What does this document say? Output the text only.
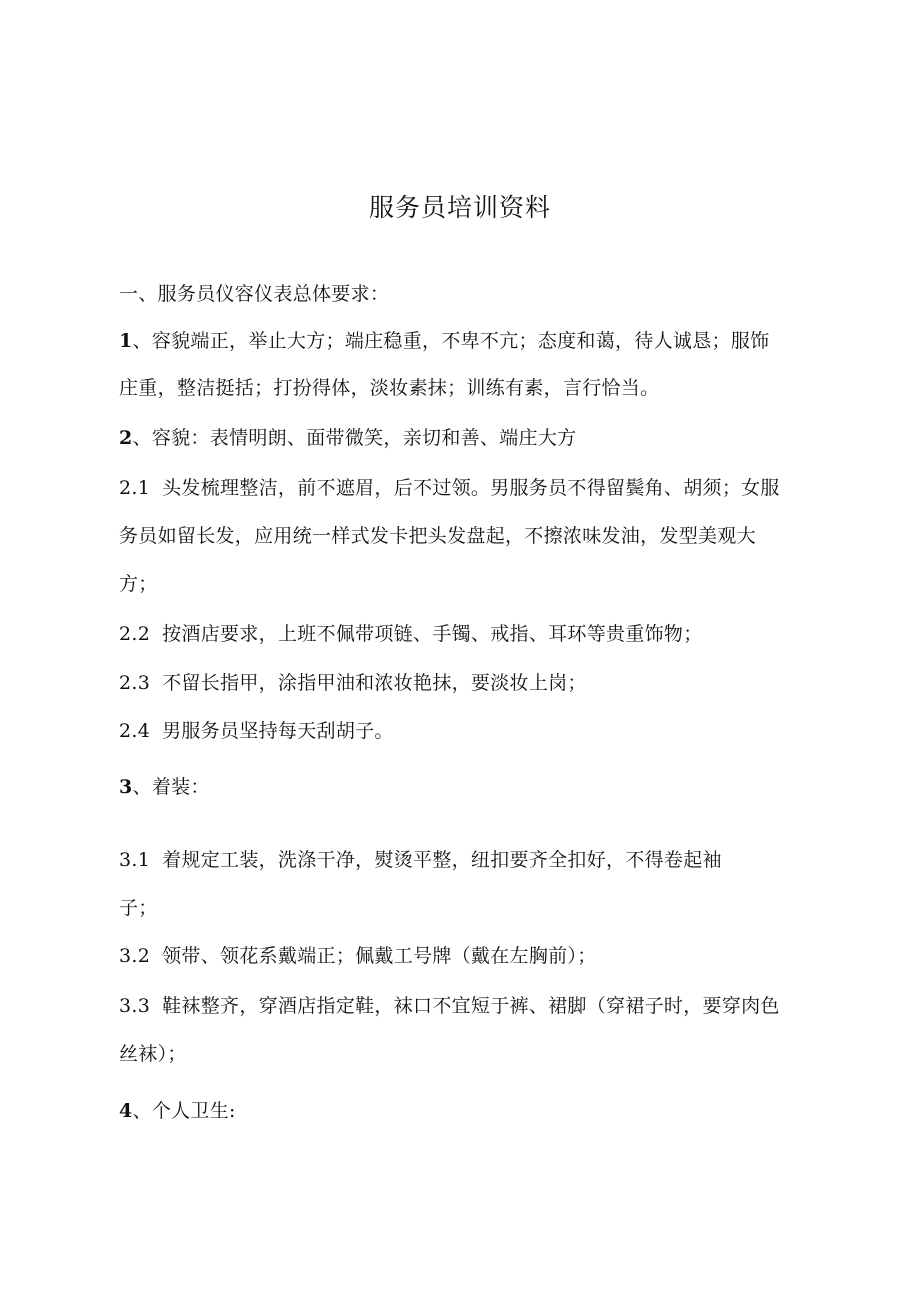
服务员培训资料
一、服务员仪容仪表总体要求：
1、容貌端正，举止大方；端庄稳重，不卑不亢；态度和蔼，待人诚恳；服饰
庄重，整洁挺括；打扮得体，淡妆素抹；训练有素，言行恰当。
2、容貌：表情明朗、面带微笑，亲切和善、端庄大方
2.1 头发梳理整洁，前不遮眉，后不过领。男服务员不得留鬓角、胡须；女服
务员如留长发，应用统一样式发卡把头发盘起，不擦浓味发油，发型美观大
方；
2.2 按酒店要求，上班不佩带项链、手镯、戒指、耳环等贵重饰物；
2.3 不留长指甲，涂指甲油和浓妆艳抹，要淡妆上岗；
2.4 男服务员坚持每天刮胡子。
3、着装：
3.1 着规定工装，洗涤干净，熨烫平整，纽扣要齐全扣好，不得卷起袖
子；
3.2 领带、领花系戴端正；佩戴工号牌（戴在左胸前）；
3.3 鞋袜整齐，穿酒店指定鞋，袜口不宜短于裤、裙脚（穿裙子时，要穿肉色
丝袜）；
4、个人卫生:
